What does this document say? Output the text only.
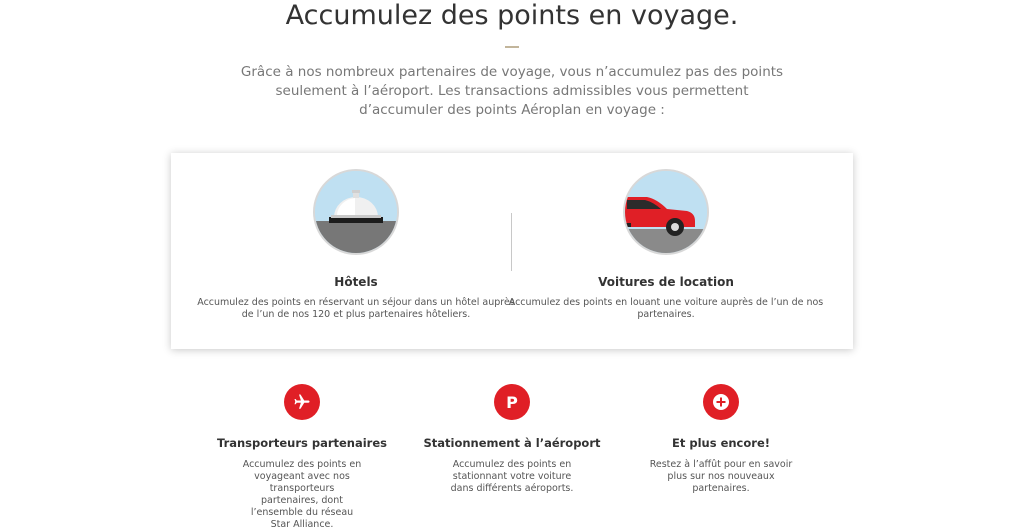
Accumulez des points en voyage.
Grâce à nos nombreux partenaires de voyage, vous n’accumulez pas des points seulement à l’aéroport. Les transactions admissibles vous permettent d’accumuler des points Aéroplan en voyage :
Hôtels

Accumulez des points en réservant un séjour dans un hôtel auprès de l’un de nos 120 et plus partenaires hôteliers.

Voitures de location

Accumulez des points en louant une voiture auprès de l’un de nos partenaires.

Transporteurs partenaires

Accumulez des points en voyageant avec nos transporteurs partenaires, dont l’ensemble du réseau Star Alliance.

P
Stationnement à l’aéroport

Accumulez des points en stationnant votre voiture dans différents aéroports.

Et plus encore!

Restez à l’affût pour en savoir plus sur nos nouveaux partenaires.
